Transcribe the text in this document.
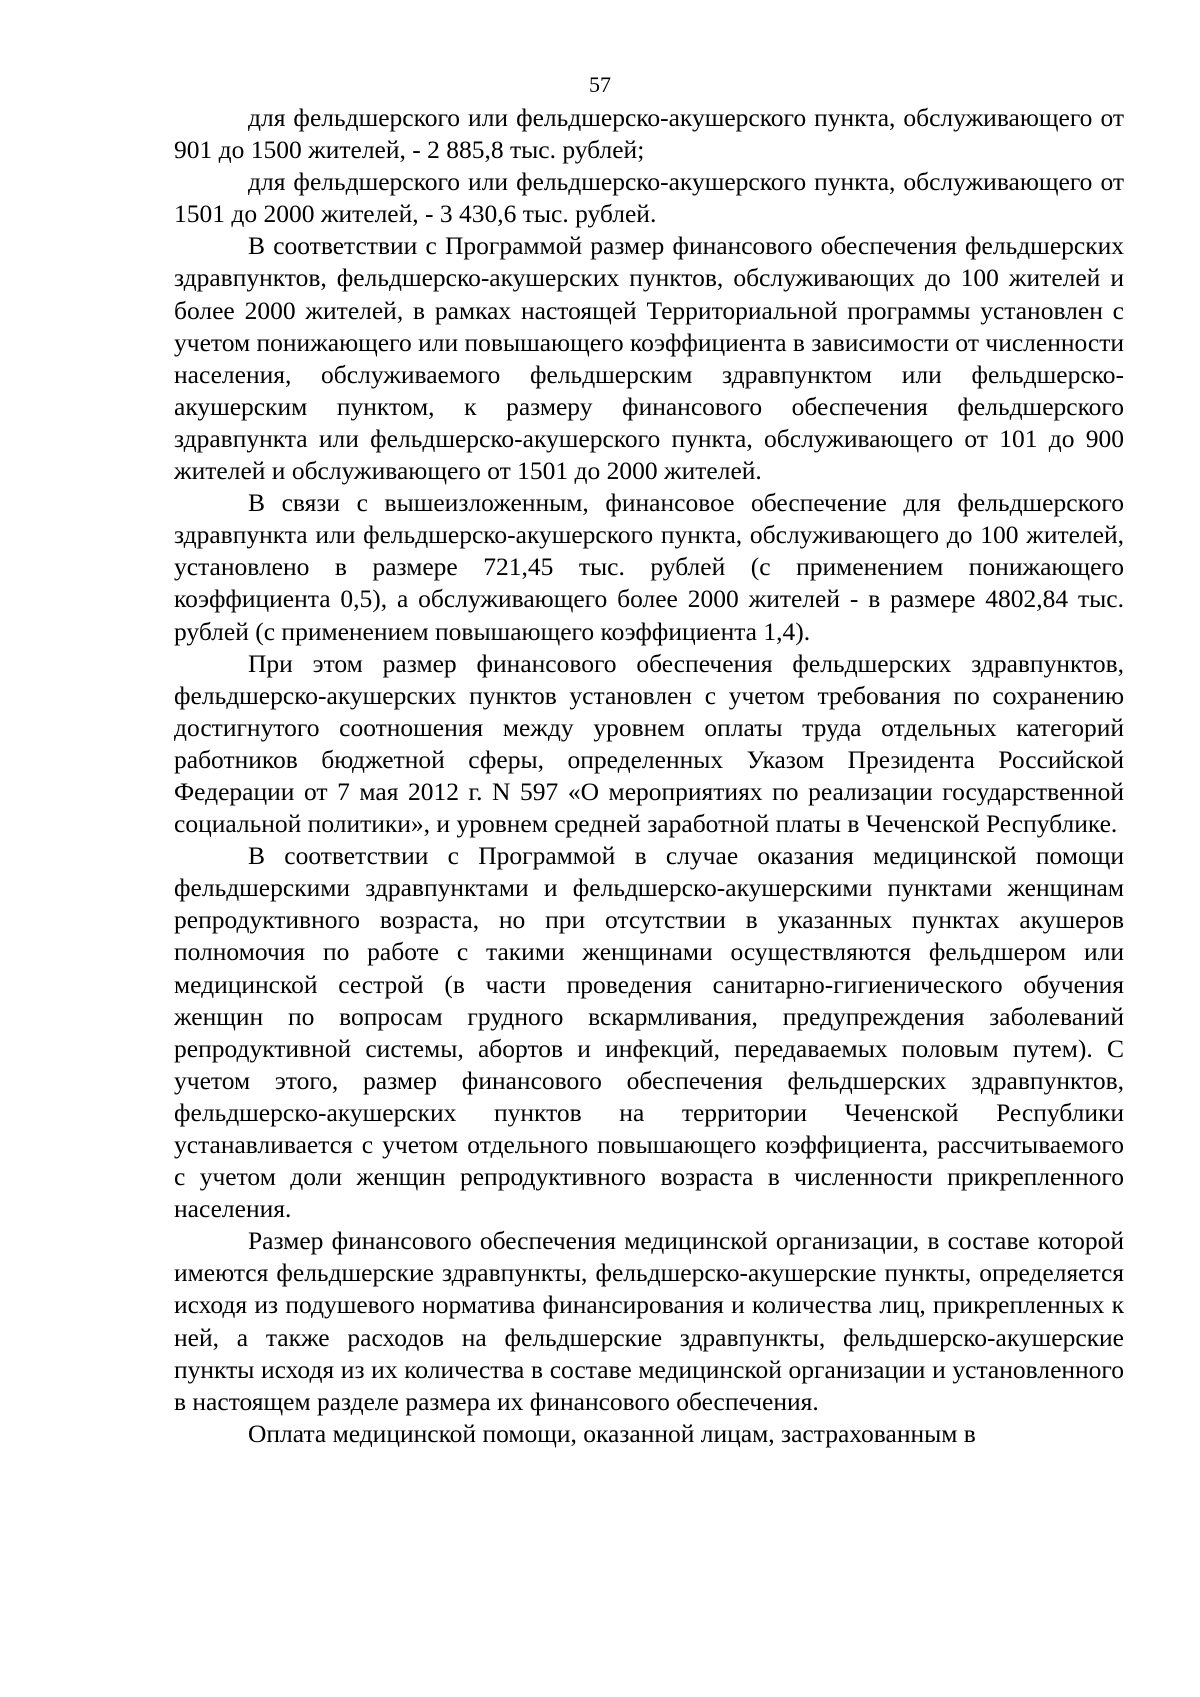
57

для фельдшерского или фельдшерско-акушерского пункта, обслуживающего от 901 до 1500 жителей, - 2 885,8 тыс. рублей;

для фельдшерского или фельдшерско-акушерского пункта, обслуживающего от 1501 до 2000 жителей, - 3 430,6 тыс. рублей.

В соответствии с Программой размер финансового обеспечения фельдшерских здравпунктов, фельдшерско-акушерских пунктов, обслуживающих до 100 жителей и более 2000 жителей, в рамках настоящей Территориальной программы установлен с учетом понижающего или повышающего коэффициента в зависимости от численности населения, обслуживаемого фельдшерским здравпунктом или фельдшерско-акушерским пунктом, к размеру финансового обеспечения фельдшерского здравпункта или фельдшерско-акушерского пункта, обслуживающего от 101 до 900 жителей и обслуживающего от 1501 до 2000 жителей.

В связи с вышеизложенным, финансовое обеспечение для фельдшерского здравпункта или фельдшерско-акушерского пункта, обслуживающего до 100 жителей, установлено в размере 721,45 тыс. рублей (с применением понижающего коэффициента 0,5), а обслуживающего более 2000 жителей - в размере 4802,84 тыс. рублей (с применением повышающего коэффициента 1,4).

При этом размер финансового обеспечения фельдшерских здравпунктов, фельдшерско-акушерских пунктов установлен с учетом требования по сохранению достигнутого соотношения между уровнем оплаты труда отдельных категорий работников бюджетной сферы, определенных Указом Президента Российской Федерации от 7 мая 2012 г. N 597 «О мероприятиях по реализации государственной социальной политики», и уровнем средней заработной платы в Чеченской Республике.

В соответствии с Программой в случае оказания медицинской помощи фельдшерскими здравпунктами и фельдшерско-акушерскими пунктами женщинам репродуктивного возраста, но при отсутствии в указанных пунктах акушеров полномочия по работе с такими женщинами осуществляются фельдшером или медицинской сестрой (в части проведения санитарно-гигиенического обучения женщин по вопросам грудного вскармливания, предупреждения заболеваний репродуктивной системы, абортов и инфекций, передаваемых половым путем). С учетом этого, размер финансового обеспечения фельдшерских здравпунктов, фельдшерско-акушерских пунктов на территории Чеченской Республики устанавливается с учетом отдельного повышающего коэффициента, рассчитываемого с учетом доли женщин репродуктивного возраста в численности прикрепленного населения.

Размер финансового обеспечения медицинской организации, в составе которой имеются фельдшерские здравпункты, фельдшерско-акушерские пункты, определяется исходя из подушевого норматива финансирования и количества лиц, прикрепленных к ней, а также расходов на фельдшерские здравпункты, фельдшерско-акушерские пункты исходя из их количества в составе медицинской организации и установленного в настоящем разделе размера их финансового обеспечения.

Оплата медицинской помощи, оказанной лицам, застрахованным в
